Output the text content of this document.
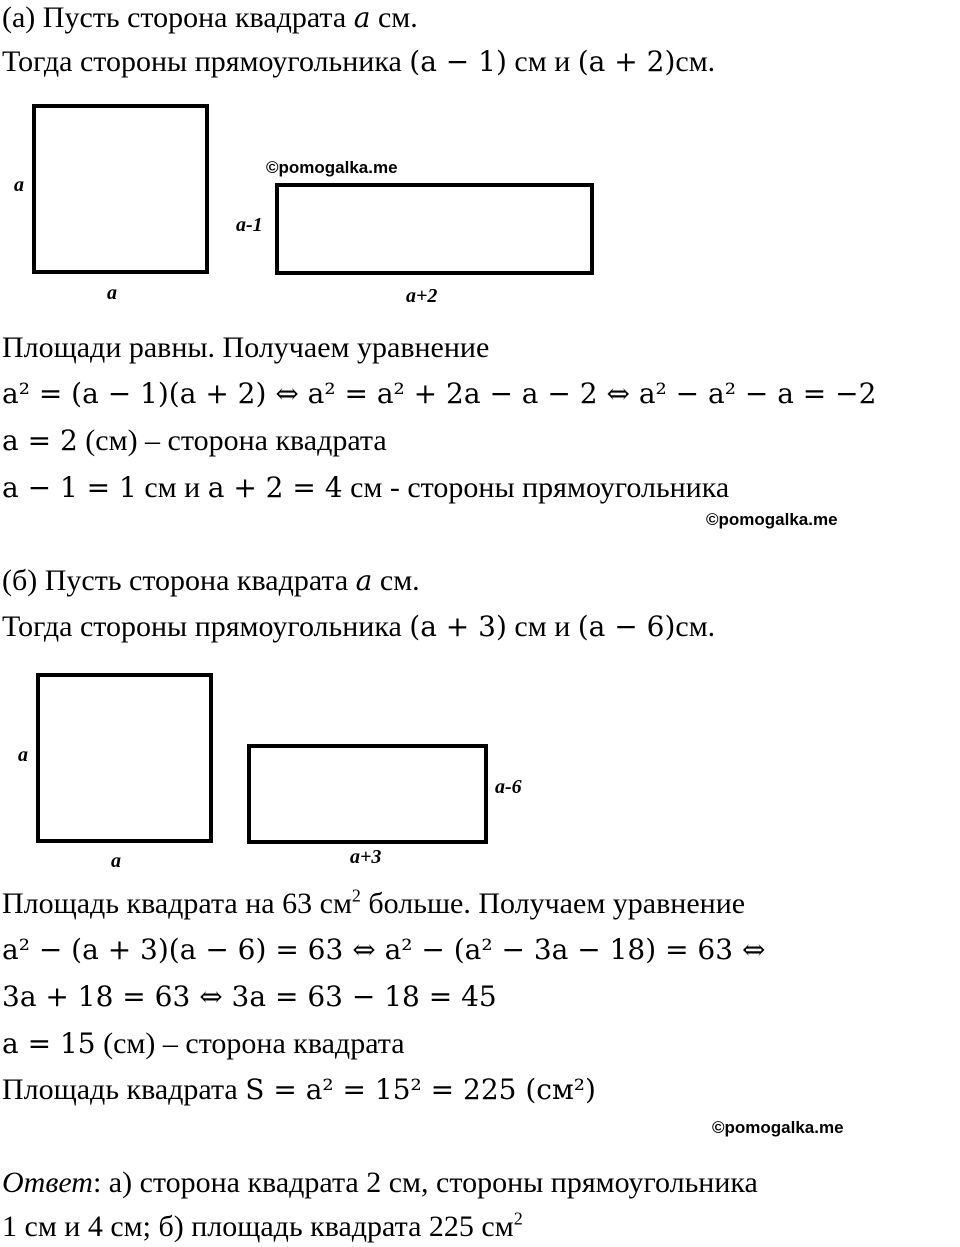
(а) Пусть сторона квадрата a см.
Тогда стороны прямоугольника (a − 1) см и (a + 2)см.
a
a
©pomogalka.me
a-1
a+2
Площади равны. Получаем уравнение
a² = (a − 1)(a + 2) ⇔ a² = a² + 2a − a − 2 ⇔ a² − a² − a = −2
a = 2 (см) – сторона квадрата
a − 1 = 1 см и a + 2 = 4 см - стороны прямоугольника
©pomogalka.me
(б) Пусть сторона квадрата a см.
Тогда стороны прямоугольника (a + 3) см и (a − 6)см.
a
a
a-6
a+3
Площадь квадрата на 63 $см^2$ больше. Получаем уравнение
a² − (a + 3)(a − 6) = 63 ⇔ a² − (a² − 3a − 18) = 63 ⇔
3a + 18 = 63 ⇔ 3a = 63 − 18 = 45
a = 15 (см) – сторона квадрата
Площадь квадрата S = a² = 15² = 225 (см²)
©pomogalka.me
Ответ: а) сторона квадрата 2 см, стороны прямоугольника
1 см и 4 см; б) площадь квадрата 225 $см^2$
